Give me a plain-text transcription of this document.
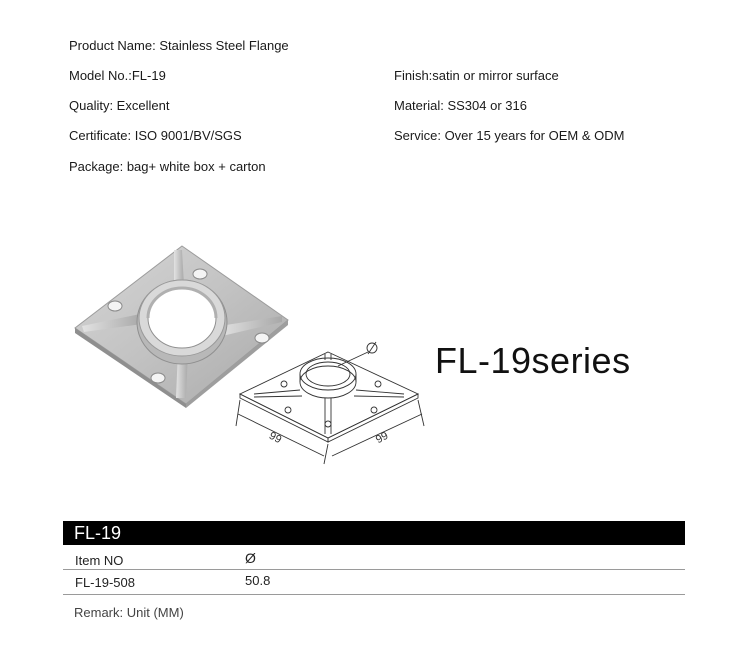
Product Name: Stainless Steel Flange
Model No.:FL-19
Quality: Excellent
Certificate: ISO 9001/BV/SGS
Package: bag+ white box + carton
Finish:satin or mirror surface
Material: SS304 or 316
Service: Over 15 years for OEM & ODM
99	99
FL-19series
FL-19
Item NO	Ø
FL-19-508	50.8
Remark: Unit (MM)
